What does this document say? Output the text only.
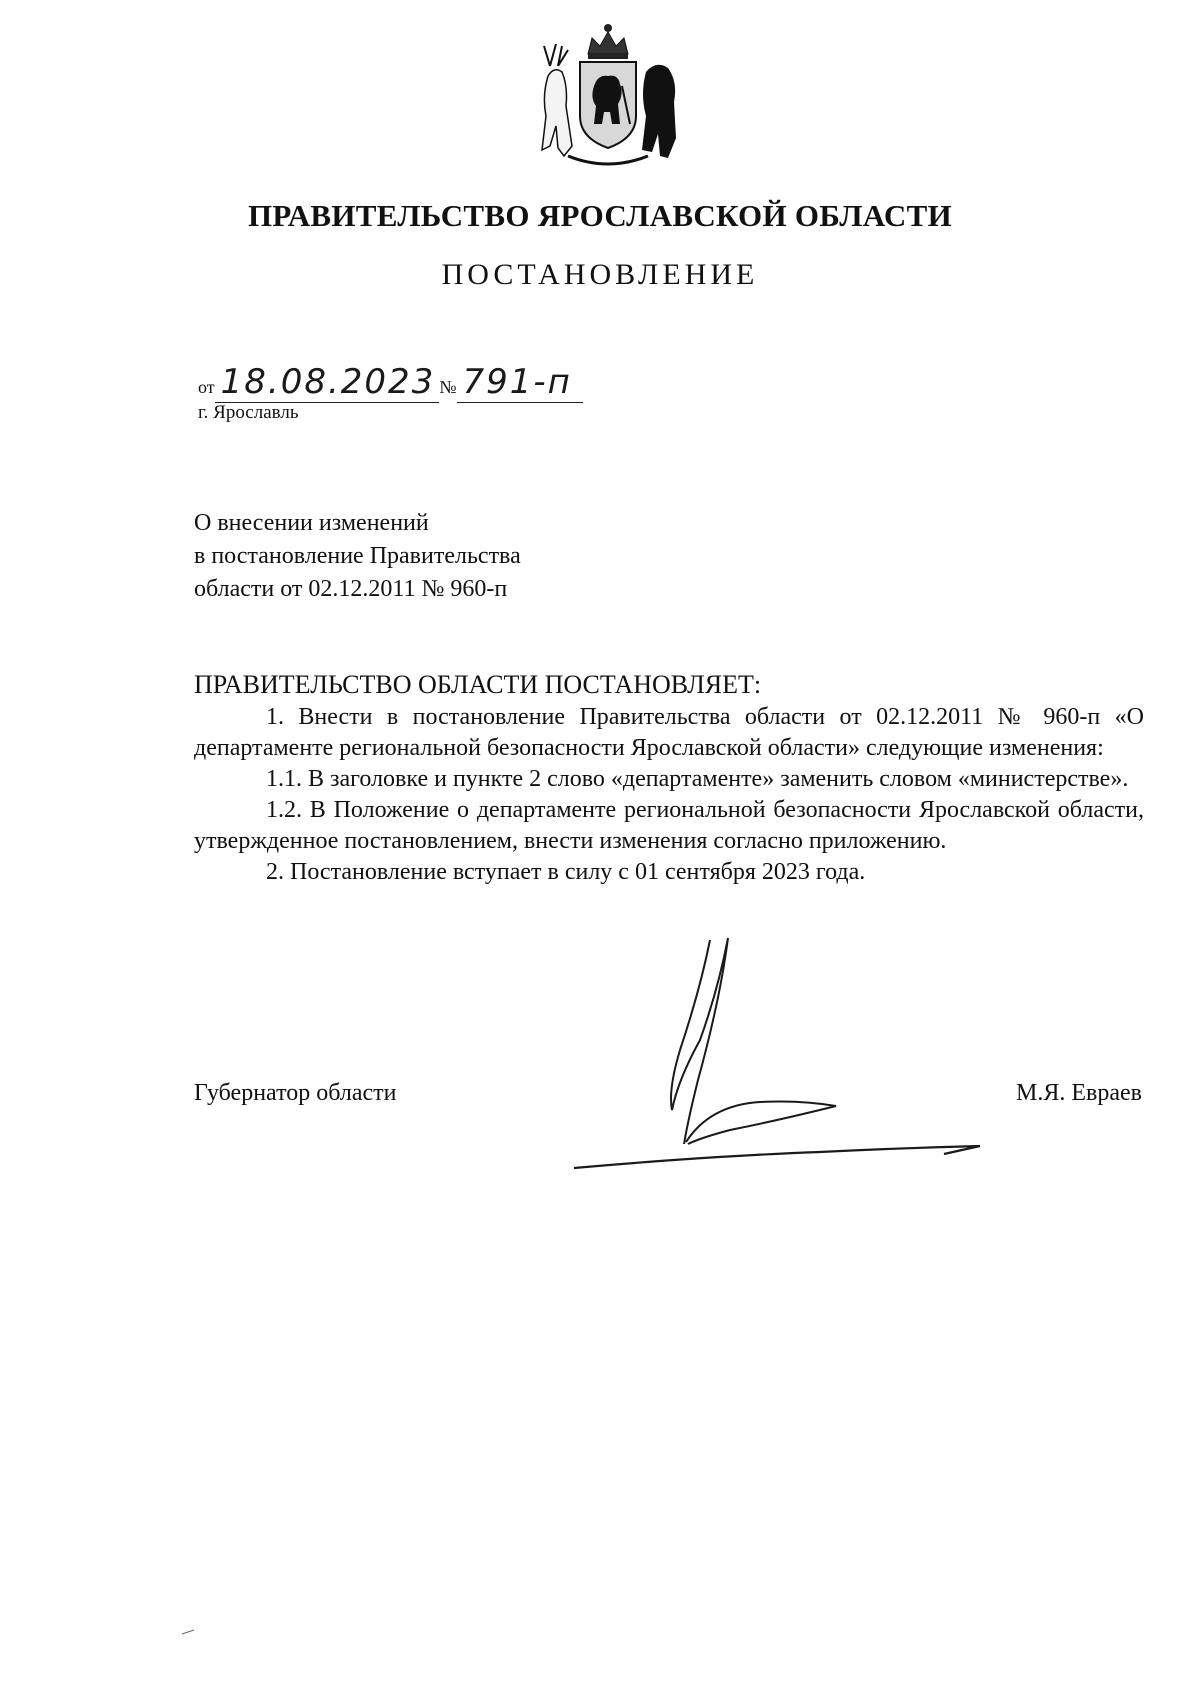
ПРАВИТЕЛЬСТВО ЯРОСЛАВСКОЙ ОБЛАСТИ
ПОСТАНОВЛЕНИЕ
от 18.08.2023 № 791-п
г. Ярославль
О внесении изменений
в постановление Правительства
области от 02.12.2011 № 960-п

ПРАВИТЕЛЬСТВО ОБЛАСТИ ПОСТАНОВЛЯЕТ:

1. Внести в постановление Правительства области от 02.12.2011 № 960-п «О департаменте региональной безопасности Ярославской области» следующие изменения:

1.1. В заголовке и пункте 2 слово «департаменте» заменить словом «министерстве».

1.2. В Положение о департаменте региональной безопасности Ярославской области, утвержденное постановлением, внести изменения согласно приложению.

2. Постановление вступает в силу с 01 сентября 2023 года.

Губернатор области	М.Я. Евраев
